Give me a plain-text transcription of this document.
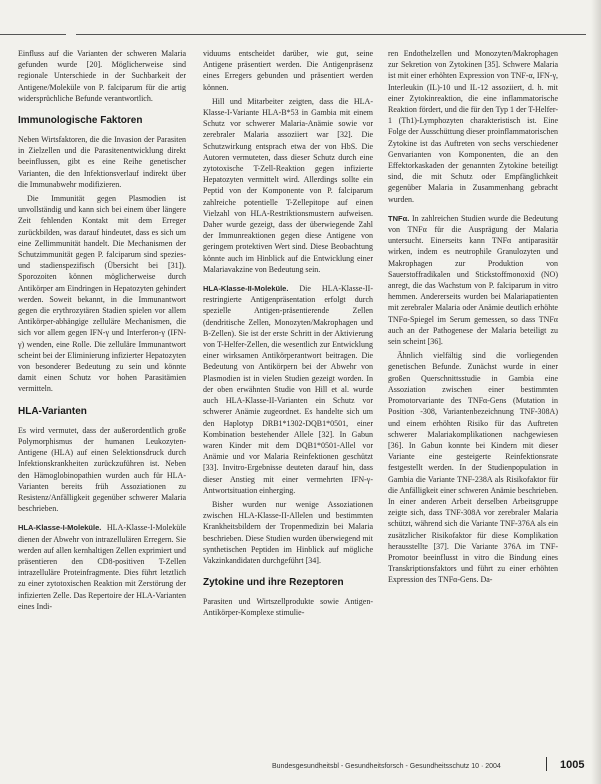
Einfluss auf die Varianten der schweren Malaria gefunden wurde [20]. Möglicherweise sind regionale Unterschiede in der Suchbarkeit der Antigene/Moleküle von P. falciparum für die artig widersprüchliche Befunde verantwortlich.

Immunologische Faktoren

Neben Wirtsfaktoren, die die Invasion der Parasiten in Zielzellen und die Parasitenentwicklung direkt beeinflussen, gibt es eine Reihe genetischer Varianten, die den Infektionsverlauf indirekt über die Immunabwehr modifizieren.

Die Immunität gegen Plasmodien ist unvollständig und kann sich bei einem über längere Zeit fehlenden Kontakt mit dem Erreger zurückbilden, was darauf hindeutet, dass es sich um eine Zellimmunität handelt. Die Mechanismen der Schutzimmunität gegen P. falciparum sind spezies- und stadienspezifisch (Übersicht bei [31]). Sporozoiten können möglicherweise durch Antikörper am Eindringen in Hepatozyten gehindert werden. Soweit bekannt, in die Immunantwort gegen die erythrozytären Stadien spielen vor allem Antikörper-abhängige zelluläre Mechanismen, die sich vor allem gegen IFN-γ und Interferon-γ (IFN-γ) wenden, eine Rolle. Die zelluläre Immunantwort scheint bei der Eliminierung infizierter Hepatozyten von besonderer Bedeutung zu sein und könnte damit einen Schutz vor hohen Parasitämien vermitteln.

HLA-Varianten

Es wird vermutet, dass der außerordentlich große Polymorphismus der humanen Leukozyten-Antigene (HLA) auf einen Selektionsdruck durch Infektionskrankheiten zurückzuführen ist. Neben den Hämoglobinopathien wurden auch für HLA-Varianten bereits früh Assoziationen zu Resistenz/Anfälligkeit gegenüber schwerer Malaria beschrieben.

HLA-Klasse-I-Moleküle. HLA-Klasse-I-Moleküle dienen der Abwehr von intrazellulären Erregern. Sie werden auf allen kernhaltigen Zellen exprimiert und präsentieren den CD8-positiven T-Zellen intrazelluläre Proteinfragmente. Dies führt letztlich zu einer zytotoxischen Reaktion mit Zerstörung der infizierten Zelle. Das Repertoire der HLA-Varianten eines Indi-

viduums entscheidet darüber, wie gut, seine Antigene präsentiert werden. Die Antigenpräsenz eines Erregers gebunden und präsentiert werden können.

Hill und Mitarbeiter zeigten, dass die HLA-Klasse-I-Variante HLA-B*53 in Gambia mit einem Schutz vor schwerer Malaria-Anämie sowie vor zerebraler Malaria assoziiert war [32]. Die Schutzwirkung entsprach etwa der von HbS. Die Autoren vermuteten, dass dieser Schutz durch eine zytotoxische T-Zell-Reaktion gegen infizierte Hepatozyten vermittelt wird. Allerdings sollte ein Peptid von der Komponente von P. falciparum zahlreiche potentielle T-Zellepitope auf einen Vielzahl von HLA-Restriktionsmustern aufweisen. Daher wurde gezeigt, dass der überwiegende Zahl der Immunreaktionen gegen diese Antigene von geringem protektiven Wert sind. Diese Beobachtung könnte auch im Hinblick auf die Entwicklung einer Malariavakzine von Bedeutung sein.

HLA-Klasse-II-Moleküle. Die HLA-Klasse-II-restringierte Antigenpräsentation erfolgt durch spezielle Antigen-präsentierende Zellen (dendritische Zellen, Monozyten/Makrophagen und B-Zellen). Sie ist der erste Schritt in der Aktivierung von T-Helfer-Zellen, die wesentlich zur Entwicklung einer wirksamen Antikörperantwort beitragen. Die Bedeutung von Antikörpern bei der Abwehr von Plasmodien ist in vielen Studien gezeigt worden. In der oben erwähnten Studie von Hill et al. wurde auch HLA-Klasse-II-Varianten ein Schutz vor schwerer Anämie zugeordnet. Es handelte sich um den Haplotyp DRB1*1302-DQB1*0501, einer Kombination bestehender Allele [32]. In Gabun waren Kinder mit dem DQB1*0501-Allel vor Anämie und vor Malaria Reinfektionen geschützt [33]. Invitro-Ergebnisse deuteten darauf hin, dass dieser Anstieg mit einer vermehrten IFN-γ-Antwortsituation einherging.

Bisher wurden nur wenige Assoziationen zwischen HLA-Klasse-II-Allelen und bestimmten Krankheitsbildern der Tropenmedizin bei Malaria beschrieben. Diese Studien wurden überwiegend mit synthetischen Peptiden im Hinblick auf mögliche Vakzinkandidaten durchgeführt [34].

Zytokine und ihre Rezeptoren

Parasiten und Wirtszellprodukte sowie Antigen-Antikörper-Komplexe stimulie-

ren Endothelzellen und Monozyten/Makrophagen zur Sekretion von Zytokinen [35]. Schwere Malaria ist mit einer erhöhten Expression von TNF-α, IFN-γ, Interleukin (IL)-10 und IL-12 assoziiert, d. h. mit einer Zytokinreaktion, die eine inflammatorische Reaktion fördert, und die für den Typ 1 der T-Helfer-1 (Th1)-Lymphozyten charakteristisch ist. Eine Folge der Ausschüttung dieser proinflammatorischen Zytokine ist das Auftreten von sechs verschiedener Genvarianten von Komponenten, die an den Effektorkaskaden der genannten Zytokine beteiligt sind, die mit Schutz oder Empfänglichkeit gegenüber Malaria in Zusammenhang gebracht wurden.

TNFα. In zahlreichen Studien wurde die Bedeutung von TNFα für die Ausprägung der Malaria untersucht. Einerseits kann TNFα antiparasitär wirken, indem es neutrophile Granulozyten und Makrophagen zur Produktion von Sauerstoffradikalen und Stickstoffmonoxid (NO) anregt, die das Wachstum von P. falciparum in vitro hemmen. Andererseits wurden bei Malariapatienten mit zerebraler Malaria oder Anämie deutlich erhöhte TNFα-Spiegel im Serum gemessen, so dass TNFα auch an der Pathogenese der Malaria beteiligt zu sein scheint [36].

Ähnlich vielfältig sind die vorliegenden genetischen Befunde. Zunächst wurde in einer großen Querschnittsstudie in Gambia eine Assoziation zwischen einer bestimmten Promotorvariante des TNFα-Gens (Mutation in Position -308, Variantenbezeichnung TNF-308A) und einem erhöhten Risiko für das Auftreten schwerer Malariakomplikationen nachgewiesen [36]. In Gabun konnte bei Kindern mit dieser Variante eine gesteigerte Reinfektionsrate festgestellt werden. In der Studienpopulation in Gambia die Variante TNF-238A als Risikofaktor für die Anfälligkeit einer schweren Anämie beschrieben. In einer anderen Arbeit derselben Arbeitsgruppe zeigte sich, dass TNF-308A vor zerebraler Malaria schützt, während sich die Variante TNF-376A als ein zusätzlicher Risikofaktor für diese Komplikation herausstellte [37]. Die Variante 376A im TNF-Promotor beeinflusst in vitro die Bindung eines Transkriptionsfaktors und führt zu einer erhöhten Expression des TNFα-Gens. Da-

Bundesgesundheitsbl - Gesundheitsforsch - Gesundheitsschutz 10 · 2004	1005
